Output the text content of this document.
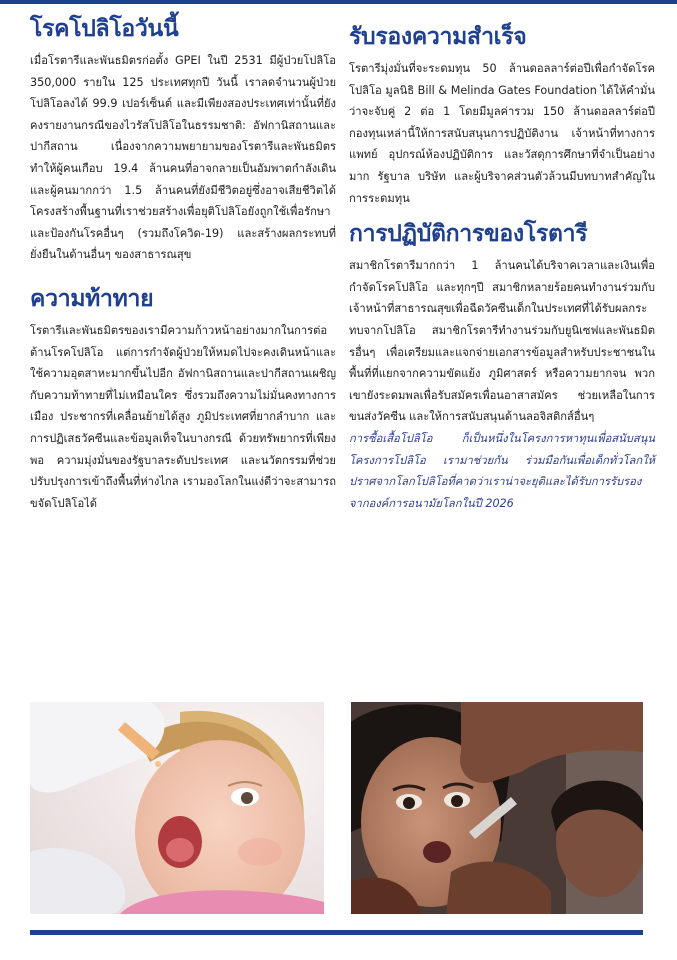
โรคโปลิโอวันนี้

เมื่อโรตารีและพันธมิตรก่อตั้ง GPEI ในปี 2531 มีผู้ป่วยโปลิโอ 350,000 รายใน 125 ประเทศทุกปี วันนี้ เราลดจำนวนผู้ป่วยโปลิโอลงได้ 99.9 เปอร์เซ็นต์ และมีเพียงสองประเทศเท่านั้นที่ยังคงรายงานกรณีของไวรัสโปลิโอในธรรมชาติ: อัฟกานิสถานและปากีสถาน เนื่องจากความพยายามของโรตารีและพันธมิตร ทำให้ผู้คนเกือบ 19.4 ล้านคนที่อาจกลายเป็นอัมพาตกำลังเดิน และผู้คนมากกว่า 1.5 ล้านคนที่ยังมีชีวิตอยู่ซึ่งอาจเสียชีวิตได้ โครงสร้างพื้นฐานที่เราช่วยสร้างเพื่อยุติโปลิโอยังถูกใช้เพื่อรักษาและป้องกันโรคอื่นๆ (รวมถึงโควิด-19) และสร้างผลกระทบที่ยั่งยืนในด้านอื่นๆ ของสาธารณสุข

ความท้าทาย

โรตารีและพันธมิตรของเรามีความก้าวหน้าอย่างมากในการต่อต้านโรคโปลิโอ แต่การกำจัดผู้ป่วยให้หมดไปจะคงเดินหน้าและใช้ความอุตสาหะมากขึ้นไปอีก อัฟกานิสถานและปากีสถานเผชิญกับความท้าทายที่ไม่เหมือนใคร ซึ่งรวมถึงความไม่มั่นคงทางการเมือง ประชากรที่เคลื่อนย้ายได้สูง ภูมิประเทศที่ยากลำบาก และการปฏิเสธวัคซีนและข้อมูลเท็จในบางกรณี ด้วยทรัพยากรที่เพียงพอ ความมุ่งมั่นของรัฐบาลระดับประเทศ และนวัตกรรมที่ช่วยปรับปรุงการเข้าถึงพื้นที่ห่างไกล เรามองโลกในแง่ดีว่าจะสามารถขจัดโปลิโอได้

รับรองความสำเร็จ

โรตารีมุ่งมั่นที่จะระดมทุน 50 ล้านดอลลาร์ต่อปีเพื่อกำจัดโรคโปลิโอ มูลนิธิ Bill & Melinda Gates Foundation ได้ให้คำมั่นว่าจะจับคู่ 2 ต่อ 1 โดยมีมูลค่ารวม 150 ล้านดอลลาร์ต่อปี กองทุนเหล่านี้ให้การสนับสนุนการปฏิบัติงาน เจ้าหน้าที่ทางการแพทย์ อุปกรณ์ห้องปฏิบัติการ และวัสดุการศึกษาที่จำเป็นอย่างมาก รัฐบาล บริษัท และผู้บริจาคส่วนตัวล้วนมีบทบาทสำคัญในการระดมทุน

การปฏิบัติการของโรตารี

สมาชิกโรตารีมากกว่า 1 ล้านคนได้บริจาคเวลาและเงินเพื่อกำจัดโรคโปลิโอ และทุกๆปี สมาชิกหลายร้อยคนทำงานร่วมกับเจ้าหน้าที่สาธารณสุขเพื่อฉีดวัคซีนเด็กในประเทศที่ได้รับผลกระทบจากโปลิโอ สมาชิกโรตารีทำงานร่วมกับยูนิเซฟและพันธมิตรอื่นๆ เพื่อเตรียมและแจกจ่ายเอกสารข้อมูลสำหรับประชาชนในพื้นที่ที่แยกจากความขัดแย้ง ภูมิศาสตร์ หรือความยากจน พวกเขายังระดมพลเพื่อรับสมัครเพื่อนอาสาสมัคร ช่วยเหลือในการขนส่งวัคซีน และให้การสนับสนุนด้านลอจิสติกส์อื่นๆ

การซื้อเสื้อโปลิโอ ก็เป็นหนึ่งในโครงการหาทุนเพื่อสนับสนุนโครงการโปลิโอ เรามาช่วยกัน ร่วมมือกันเพื่อเด็กทั่วโลกให้ปราศจากโลกโปลิโอที่คาดว่าเราน่าจะยุติและได้รับการรับรองจากองค์การอนามัยโลกในปี 2026
